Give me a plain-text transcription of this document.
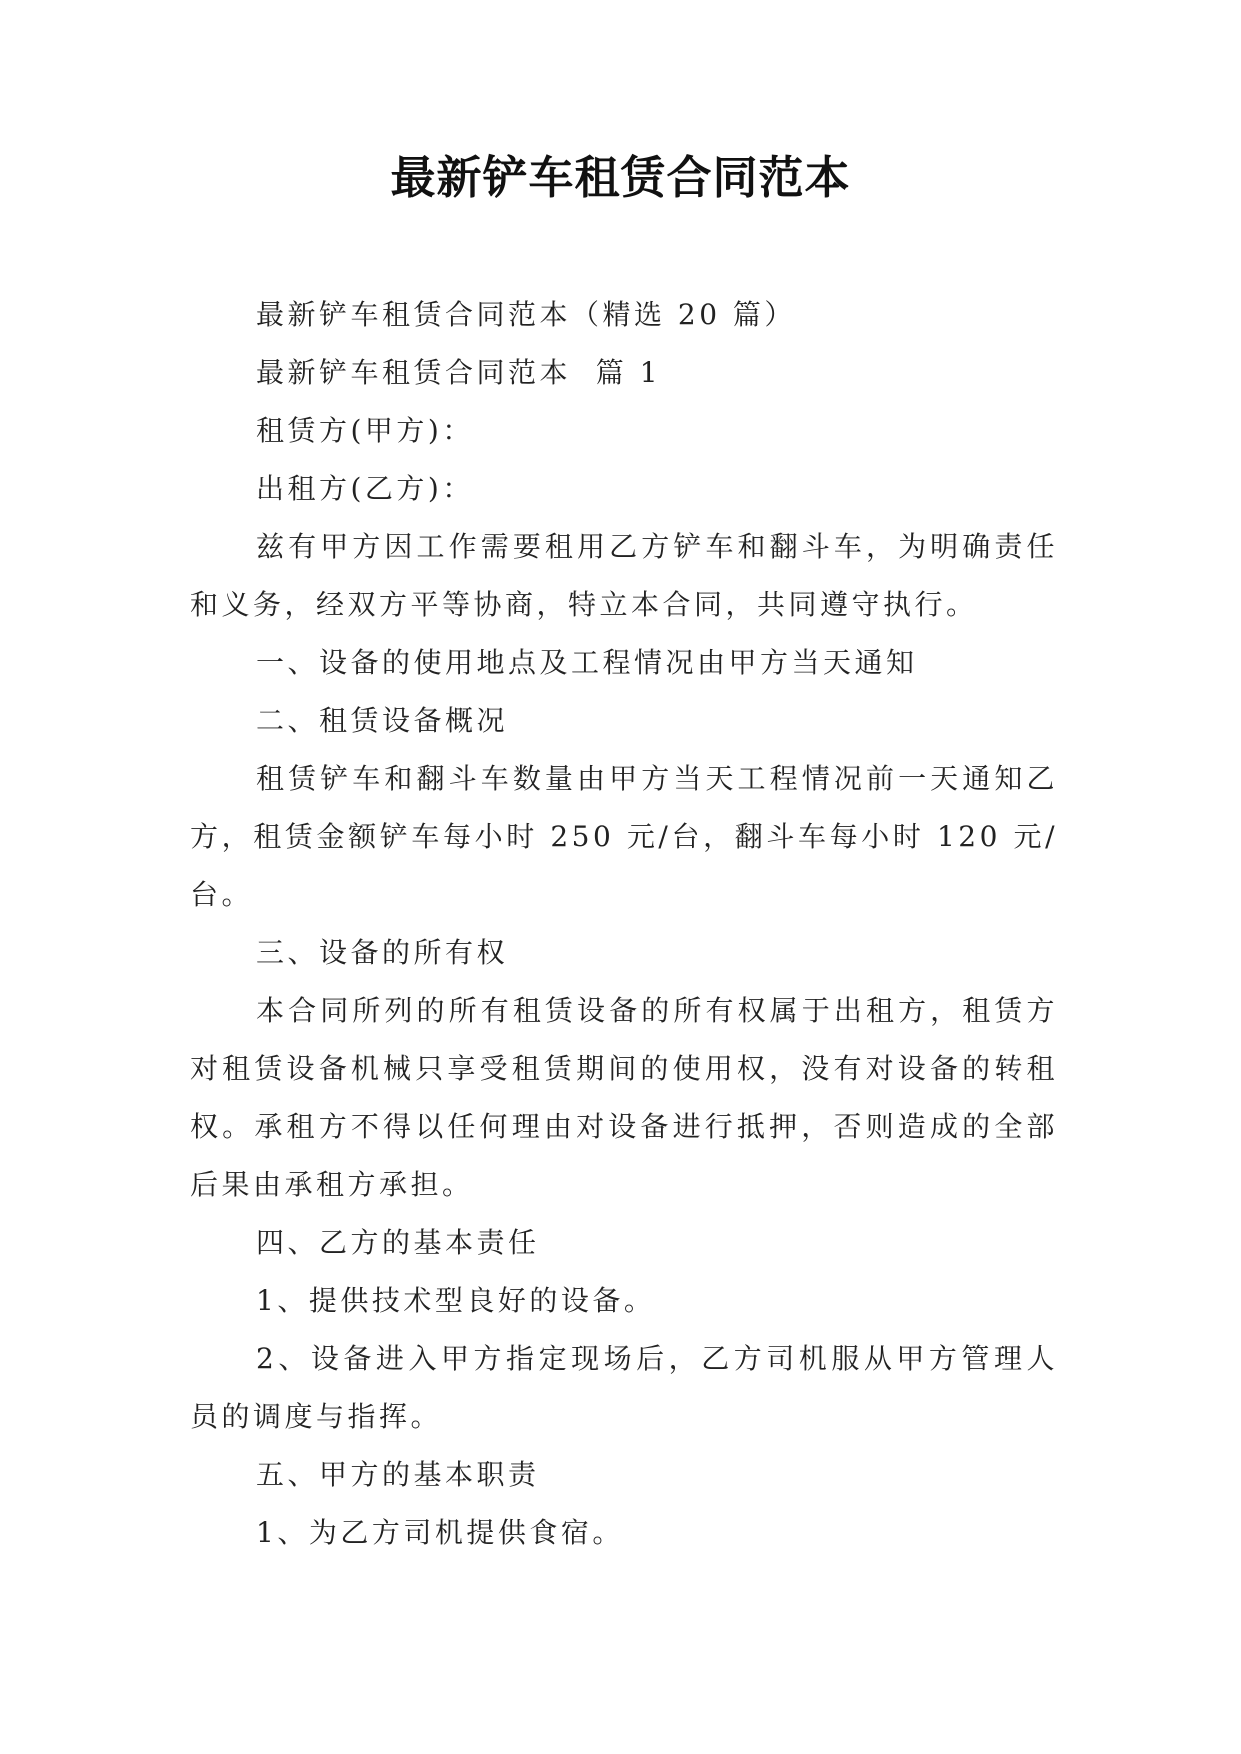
最新铲车租赁合同范本

最新铲车租赁合同范本（精选 20 篇）

最新铲车租赁合同范本  篇 1

租赁方(甲方)：

出租方(乙方)：

兹有甲方因工作需要租用乙方铲车和翻斗车，为明确责任和义务，经双方平等协商，特立本合同，共同遵守执行。

一、设备的使用地点及工程情况由甲方当天通知

二、租赁设备概况

租赁铲车和翻斗车数量由甲方当天工程情况前一天通知乙方，租赁金额铲车每小时 250 元/台，翻斗车每小时 120 元/台。

三、设备的所有权

本合同所列的所有租赁设备的所有权属于出租方，租赁方对租赁设备机械只享受租赁期间的使用权，没有对设备的转租权。承租方不得以任何理由对设备进行抵押，否则造成的全部后果由承租方承担。

四、乙方的基本责任

1、提供技术型良好的设备。

2、设备进入甲方指定现场后，乙方司机服从甲方管理人员的调度与指挥。

五、甲方的基本职责

1、为乙方司机提供食宿。
